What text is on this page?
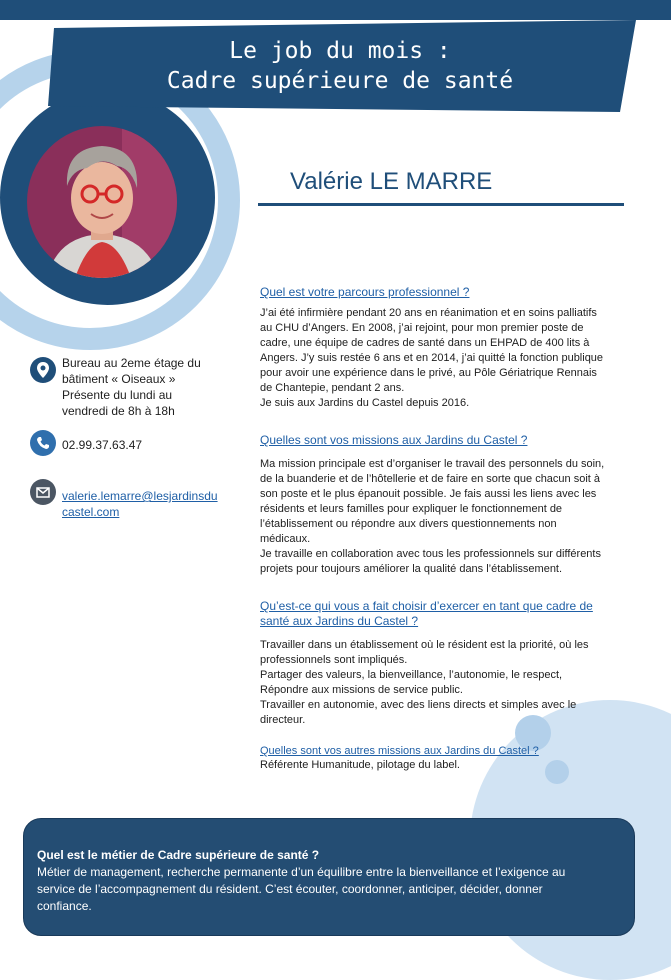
Le job du mois :
Cadre supérieure de santé
Valérie LE MARRE
Bureau au 2eme étage du
bâtiment « Oiseaux »
Présente du lundi au
vendredi de 8h à 18h
02.99.37.63.47
valerie.lemarre@lesjardinsdu
castel.com
Quel est votre parcours professionnel ?

J’ai été infirmière pendant 20 ans en réanimation et en soins palliatifs

au CHU d’Angers. En 2008, j’ai rejoint, pour mon premier poste de

cadre, une équipe de cadres de santé dans un EHPAD de 400 lits à

Angers. J’y suis restée 6 ans et en 2014, j’ai quitté la fonction publique

pour avoir une expérience dans le privé, au Pôle Gériatrique Rennais

de Chantepie, pendant 2 ans.

Je suis aux Jardins du Castel depuis 2016.

Quelles sont vos missions aux Jardins du Castel ?

Ma mission principale est d’organiser le travail des personnels du soin,

de la buanderie et de l’hôtellerie et de faire en sorte que chacun soit à

son poste et le plus épanouit possible. Je fais aussi les liens avec les

résidents et leurs familles pour expliquer le fonctionnement de

l’établissement ou répondre aux divers questionnements non

médicaux.

Je travaille en collaboration avec tous les professionnels sur différents

projets pour toujours améliorer la qualité dans l’établissement.

Qu’est-ce qui vous a fait choisir d’exercer en tant que cadre de
santé aux Jardins du Castel ?

Travailler dans un établissement où le résident est la priorité, où les

professionnels sont impliqués.

Partager des valeurs, la bienveillance, l’autonomie, le respect,

Répondre aux missions de service public.

Travailler en autonomie, avec des liens directs et simples avec le

directeur.

Quelles sont vos autres missions aux Jardins du Castel ?

Référente Humanitude, pilotage du label.

Quel est le métier de Cadre supérieure de santé ?
Métier de management, recherche permanente d’un équilibre entre la bienveillance et l’exigence au
service de l’accompagnement du résident. C’est écouter, coordonner, anticiper, décider, donner
confiance.
